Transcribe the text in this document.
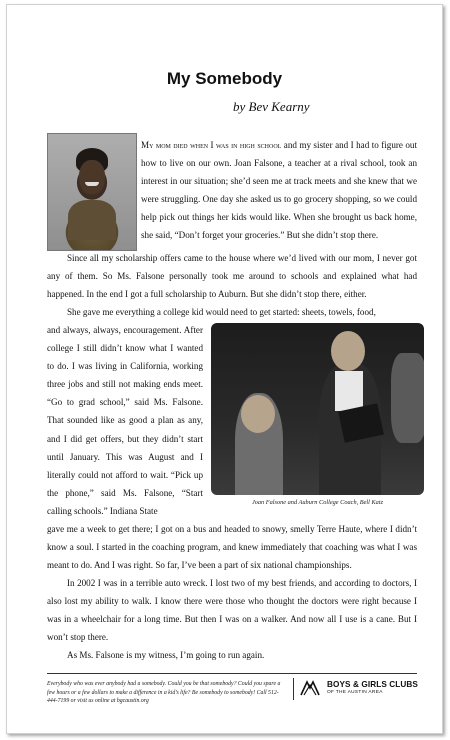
My Somebody
by Bev Kearny
My mom died when I was in high school and my sister and I had to figure out how to live on our own. Joan Falsone, a teacher at a rival school, took an interest in our situation; she’d seen me at track meets and she knew that we were struggling. One day she asked us to go grocery shopping, so we could help pick out things her kids would like. When she brought us back home, she said, “Don’t forget your groceries.” But she didn’t stop there.
Since all my scholarship offers came to the house where we’d lived with our mom, I never got any of them. So Ms. Falsone personally took me around to schools and explained what had happened. In the end I got a full scholarship to Auburn. But she didn’t stop there, either.
She gave me everything a college kid would need to get started: sheets, towels, food,
and always, always, encouragement. After college I still didn’t know what I wanted to do. I was living in California, working three jobs and still not making ends meet. “Go to grad school,” said Ms. Falsone. That sounded like as good a plan as any, and I did get offers, but they didn’t start until January. This was August and I literally could not afford to wait. “Pick up the phone,” said Ms. Falsone, “Start calling schools.” Indiana State
Joan Falsone and Auburn College Coach, Bell Katz
gave me a week to get there; I got on a bus and headed to snowy, smelly Terre Haute, where I didn’t know a soul. I started in the coaching program, and knew immediately that coaching was what I was meant to do. And I was right. So far, I’ve been a part of six national championships.
In 2002 I was in a terrible auto wreck. I lost two of my best friends, and according to doctors, I also lost my ability to walk. I know there were those who thought the doctors were right because I was in a wheelchair for a long time. But then I was on a walker. And now all I use is a cane. But I won’t stop there.
As Ms. Falsone is my witness, I’m going to run again.
Everybody who was ever anybody had a somebody. Could you be that somebody? Could you spare a few hours or a few dollars to make a difference in a kid’s life? Be somebody to somebody! Call 512-444-7199 or visit us online at bgcaustin.org
BOYS & GIRLS CLUBS
OF THE AUSTIN AREA
